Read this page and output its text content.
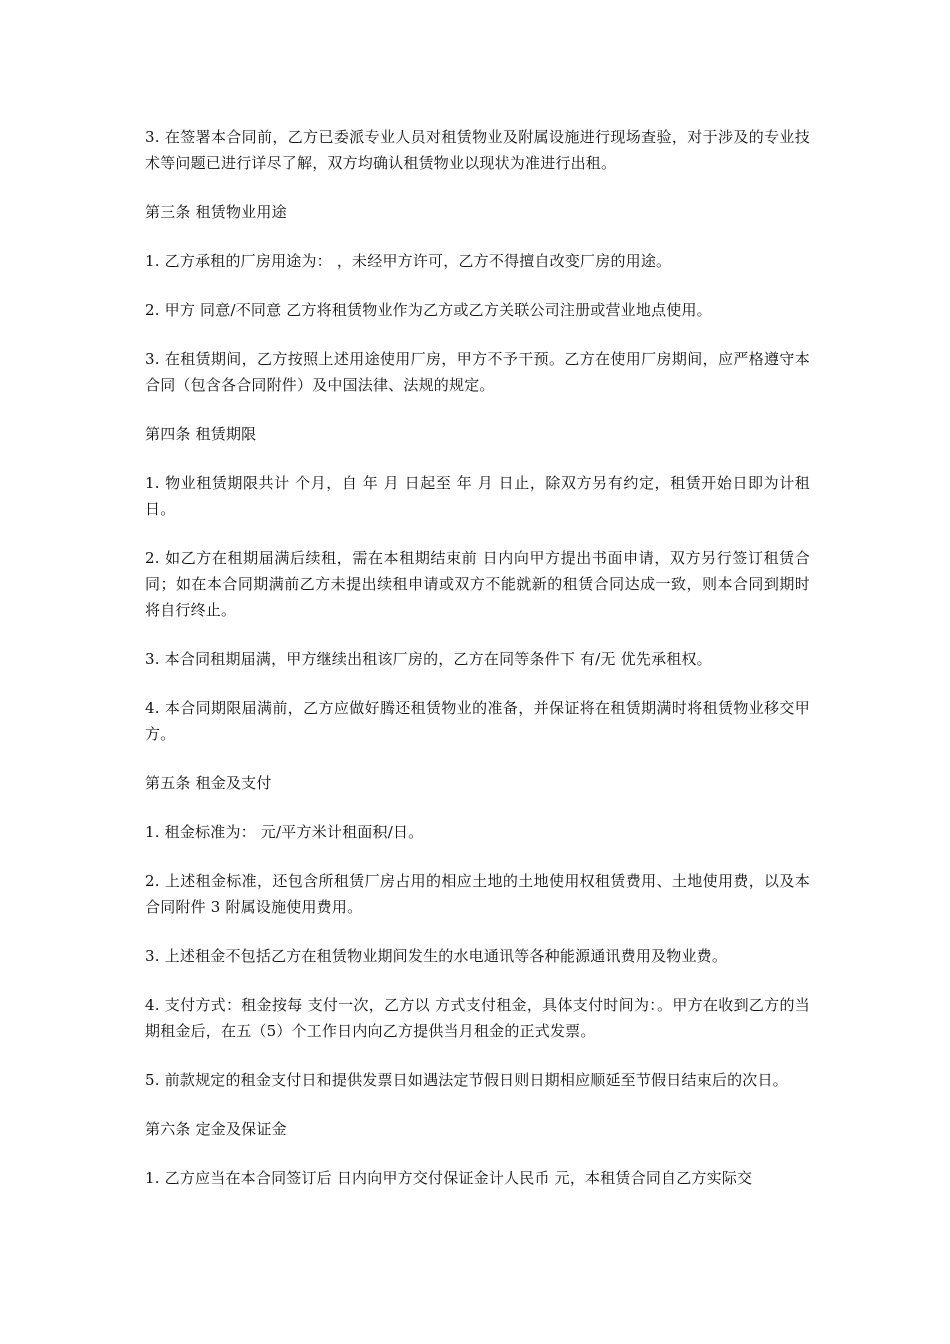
3. 在签署本合同前，乙方已委派专业人员对租赁物业及附属设施进行现场查验，对于涉及的专业技术等问题已进行详尽了解，双方均确认租赁物业以现状为准进行出租。

第三条 租赁物业用途

1. 乙方承租的厂房用途为： ，未经甲方许可，乙方不得擅自改变厂房的用途。

2. 甲方 同意/不同意 乙方将租赁物业作为乙方或乙方关联公司注册或营业地点使用。

3. 在租赁期间，乙方按照上述用途使用厂房，甲方不予干预。乙方在使用厂房期间，应严格遵守本合同（包含各合同附件）及中国法律、法规的规定。

第四条 租赁期限

1. 物业租赁期限共计 个月，自 年 月 日起至 年 月 日止，除双方另有约定，租赁开始日即为计租日。

2. 如乙方在租期届满后续租，需在本租期结束前 日内向甲方提出书面申请，双方另行签订租赁合同；如在本合同期满前乙方未提出续租申请或双方不能就新的租赁合同达成一致，则本合同到期时将自行终止。

3. 本合同租期届满，甲方继续出租该厂房的，乙方在同等条件下 有/无 优先承租权。

4. 本合同期限届满前，乙方应做好腾还租赁物业的准备，并保证将在租赁期满时将租赁物业移交甲方。

第五条 租金及支付

1. 租金标准为： 元/平方米计租面积/日。

2. 上述租金标准，还包含所租赁厂房占用的相应土地的土地使用权租赁费用、土地使用费，以及本合同附件 3 附属设施使用费用。

3. 上述租金不包括乙方在租赁物业期间发生的水电通讯等各种能源通讯费用及物业费。

4. 支付方式：租金按每 支付一次，乙方以 方式支付租金，具体支付时间为：。甲方在收到乙方的当期租金后，在五（5）个工作日内向乙方提供当月租金的正式发票。

5. 前款规定的租金支付日和提供发票日如遇法定节假日则日期相应顺延至节假日结束后的次日。

第六条 定金及保证金

1. 乙方应当在本合同签订后 日内向甲方交付保证金计人民币 元，本租赁合同自乙方实际交
